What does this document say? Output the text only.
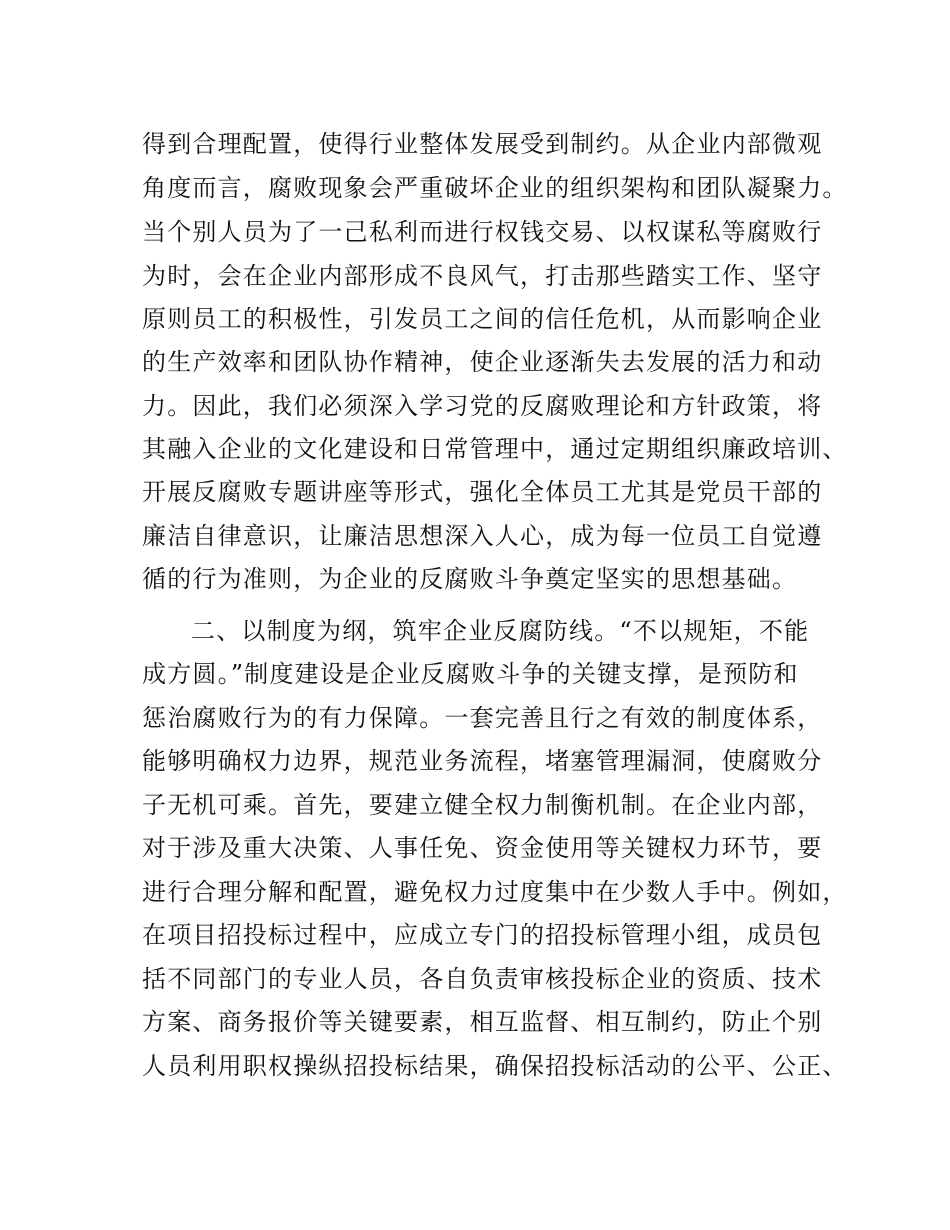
得到合理配置，使得行业整体发展受到制约。从企业内部微观
角度而言，腐败现象会严重破坏企业的组织架构和团队凝聚力。
当个别人员为了一己私利而进行权钱交易、以权谋私等腐败行
为时，会在企业内部形成不良风气，打击那些踏实工作、坚守
原则员工的积极性，引发员工之间的信任危机，从而影响企业
的生产效率和团队协作精神，使企业逐渐失去发展的活力和动
力。因此，我们必须深入学习党的反腐败理论和方针政策，将
其融入企业的文化建设和日常管理中，通过定期组织廉政培训、
开展反腐败专题讲座等形式，强化全体员工尤其是党员干部的
廉洁自律意识，让廉洁思想深入人心，成为每一位员工自觉遵
循的行为准则，为企业的反腐败斗争奠定坚实的思想基础。
二、以制度为纲，筑牢企业反腐防线。“不以规矩，不能
成方圆。”制度建设是企业反腐败斗争的关键支撑，是预防和
惩治腐败行为的有力保障。一套完善且行之有效的制度体系，
能够明确权力边界，规范业务流程，堵塞管理漏洞，使腐败分
子无机可乘。首先，要建立健全权力制衡机制。在企业内部，
对于涉及重大决策、人事任免、资金使用等关键权力环节，要
进行合理分解和配置，避免权力过度集中在少数人手中。例如，
在项目招投标过程中，应成立专门的招投标管理小组，成员包
括不同部门的专业人员，各自负责审核投标企业的资质、技术
方案、商务报价等关键要素，相互监督、相互制约，防止个别
人员利用职权操纵招投标结果，确保招投标活动的公平、公正、
